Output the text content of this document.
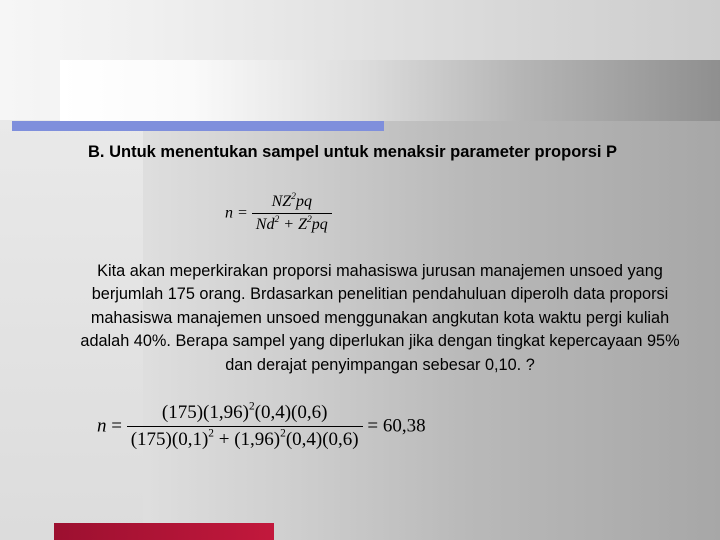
B. Untuk menentukan sampel untuk menaksir parameter proporsi P
$n = \frac{NZ^2pq}{Nd^2 + Z^2pq}$
Kita akan meperkirakan proporsi mahasiswa jurusan manajemen unsoed yang berjumlah 175 orang. Brdasarkan penelitian pendahuluan diperolh data proporsi mahasiswa manajemen unsoed menggunakan angkutan kota waktu pergi kuliah adalah 40%. Berapa sampel yang diperlukan jika dengan tingkat kepercayaan 95% dan derajat penyimpangan sebesar 0,10. ?
$n = \frac{(175)(1,96)^2(0,4)(0,6)}{(175)(0,1)^2 + (1,96)^2(0,4)(0,6)} = 60,38$
